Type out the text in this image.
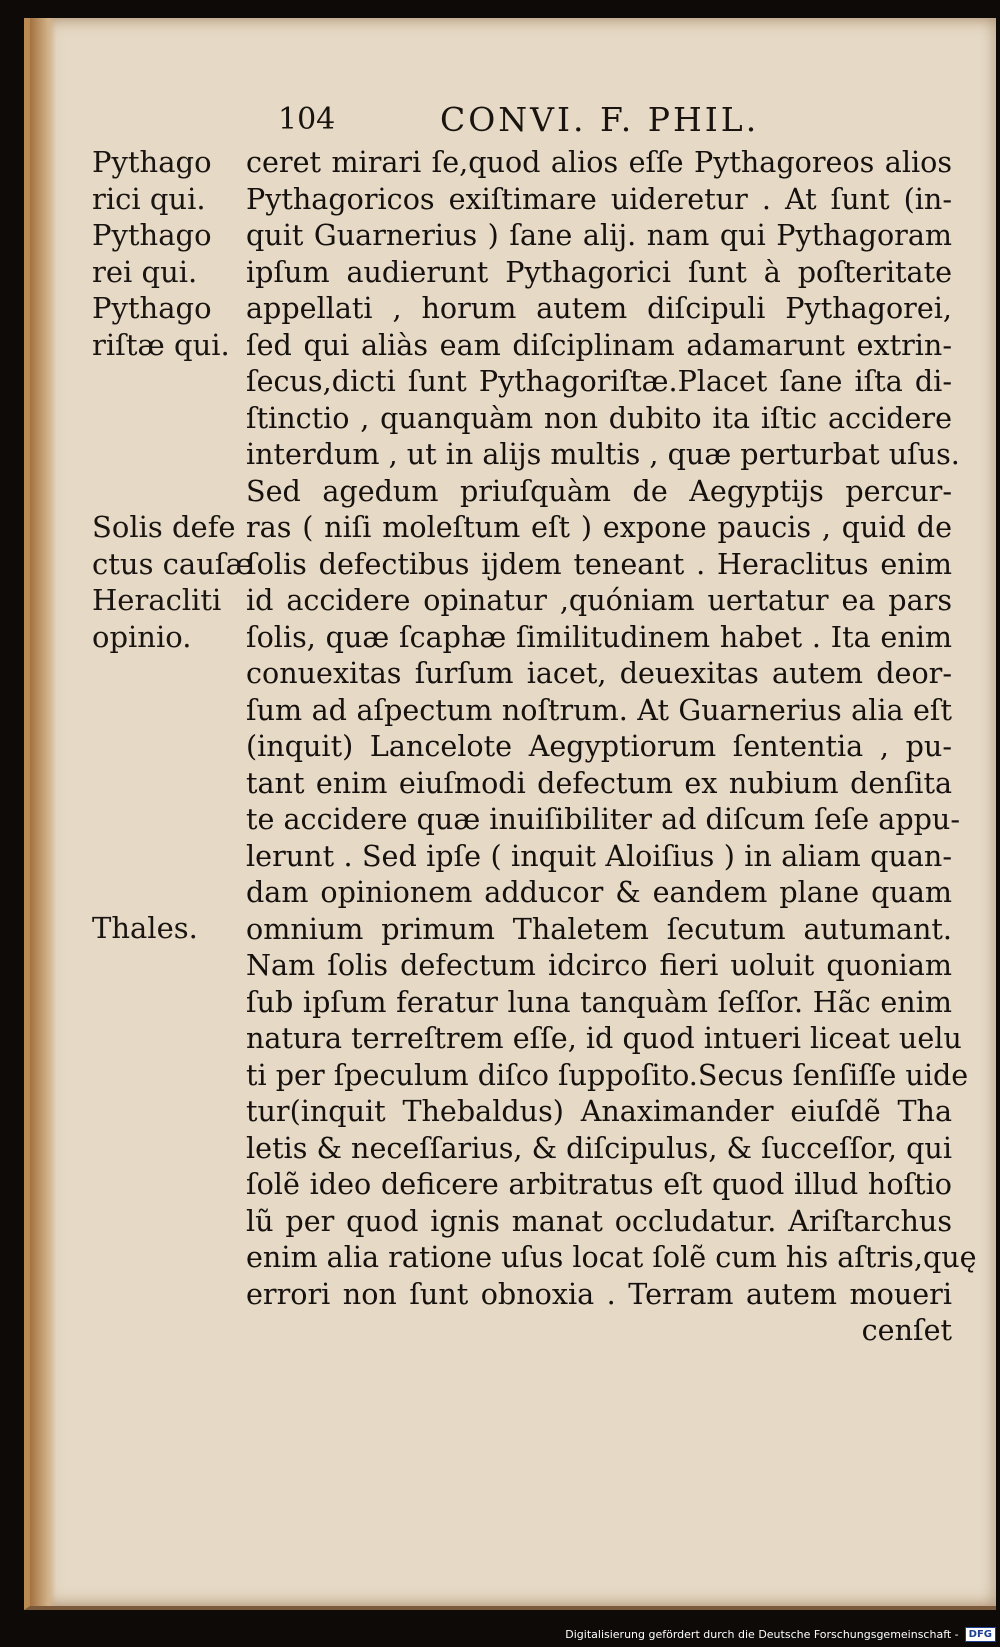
104	CONVI. F. PHIL.
Pythago
rici qui.
Pythago
rei qui.
Pythago
riſtæ qui.
Solis defe
ctus cauſæ
Heracliti
opinio.
Thales.
ceret mirari ſe,quod alios eſſe Pythagoreos alios
Pythagoricos exiſtimare uideretur . At ſunt (in-
quit Guarnerius ) ſane alij. nam qui Pythagoram
ipſum audierunt Pythagorici ſunt à poſteritate
appellati , horum autem diſcipuli Pythagorei,
ſed qui aliàs eam diſciplinam adamarunt extrin-
ſecus,dicti ſunt Pythagoriſtæ.Placet ſane iſta di-
ſtinctio , quanquàm non dubito ita iſtic accidere
interdum , ut in alijs multis , quæ perturbat uſus.
Sed agedum priuſquàm de Aegyptijs percur-
ras ( niſi moleſtum eſt ) expone paucis , quid de
ſolis defectibus ijdem teneant . Heraclitus enim
id accidere opinatur ,quóniam uertatur ea pars
ſolis, quæ ſcaphæ ſimilitudinem habet . Ita enim
conuexitas ſurſum iacet, deuexitas autem deor-
ſum ad aſpectum noſtrum. At Guarnerius alia eſt
(inquit) Lancelote Aegyptiorum ſententia , pu-
tant enim eiuſmodi defectum ex nubium denſita
te accidere quæ inuiſibiliter ad diſcum ſeſe appu-
lerunt . Sed ipſe ( inquit Aloiſius ) in aliam quan-
dam opinionem adducor & eandem plane quam
omnium primum Thaletem ſecutum autumant.
Nam ſolis defectum idcirco fieri uoluit quoniam
ſub ipſum feratur luna tanquàm ſeſſor. Hãc enim
natura terreſtrem eſſe, id quod intueri liceat uelu
ti per ſpeculum diſco ſuppoſito.Secus ſenſiſſe uide
tur(inquit Thebaldus) Anaximander eiuſdẽ Tha
letis & neceſſarius, & diſcipulus, & ſucceſſor, qui
ſolẽ ideo deficere arbitratus eſt quod illud hoſtio
lũ per quod ignis manat occludatur. Ariſtarchus
enim alia ratione uſus locat ſolẽ cum his aſtris,quę
errori non ſunt obnoxia . Terram autem moueri
cenſet
Digitalisierung gefördert durch die Deutsche Forschungsgemeinschaft -	DFG
